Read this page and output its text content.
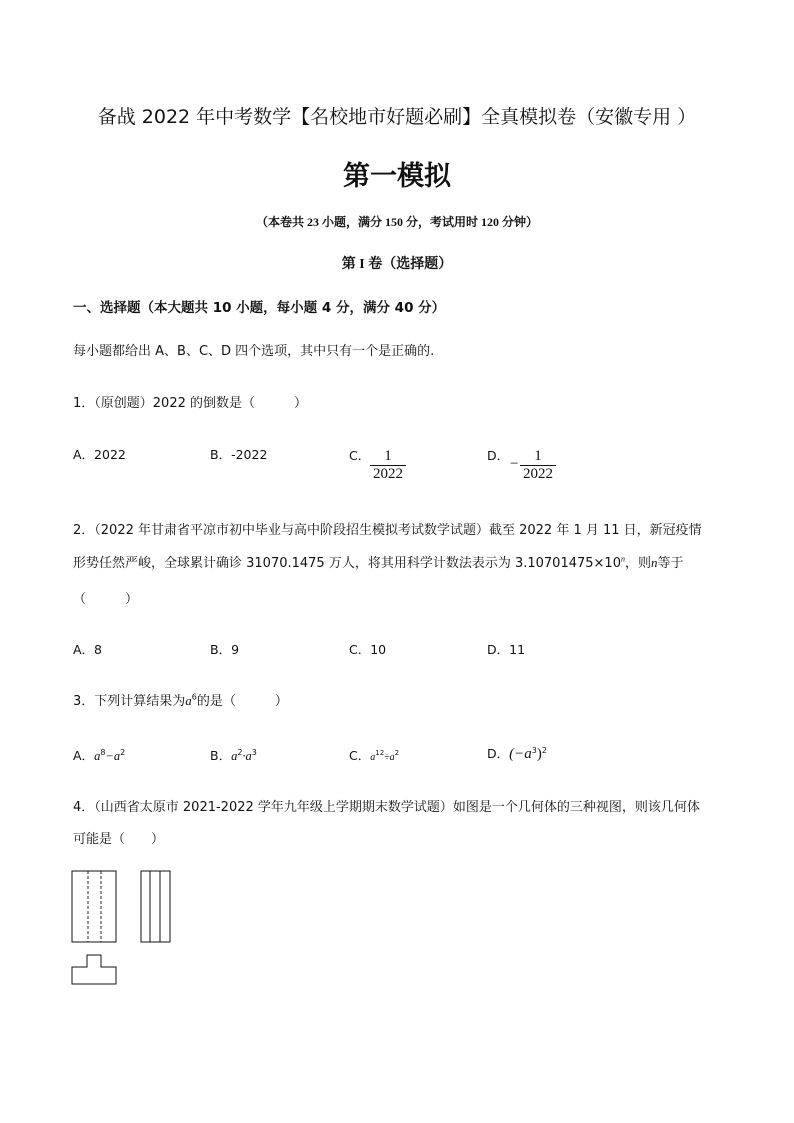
备战 2022 年中考数学【名校地市好题必刷】全真模拟卷（安徽专用 ）
第一模拟
（本卷共 23 小题，满分 150 分，考试用时 120 分钟）
第 I 卷（选择题）
一、选择题（本大题共 10 小题，每小题 4 分，满分 40 分）
每小题都给出 A、B、C、D 四个选项，其中只有一个是正确的.
1．（原创题）2022 的倒数是（　　　）
A．2022	B．-2022	C． $\frac{1}{2022}$	D．
− $\frac{1}{2022}$
2．（2022 年甘肃省平凉市初中毕业与高中阶段招生模拟考试数学试题）截至 2022 年 1 月 11 日，新冠疫情
形势任然严峻，全球累计确诊 31070.1475 万人，将其用科学计数法表示为 $3.10701475\times 10^n$，则n等于
（　　　）
A．8	B．9	C．10	D．11
3．下列计算结果为$a^6$的是（　　　）
A．$a^8-a^2$	B．$a^2\cdot a^3$	C．$a^{12}\div a^2$	D．$(-a^3)^2$
4．（山西省太原市 2021-2022 学年九年级上学期期末数学试题）如图是一个几何体的三种视图，则该几何体
可能是（　　）
